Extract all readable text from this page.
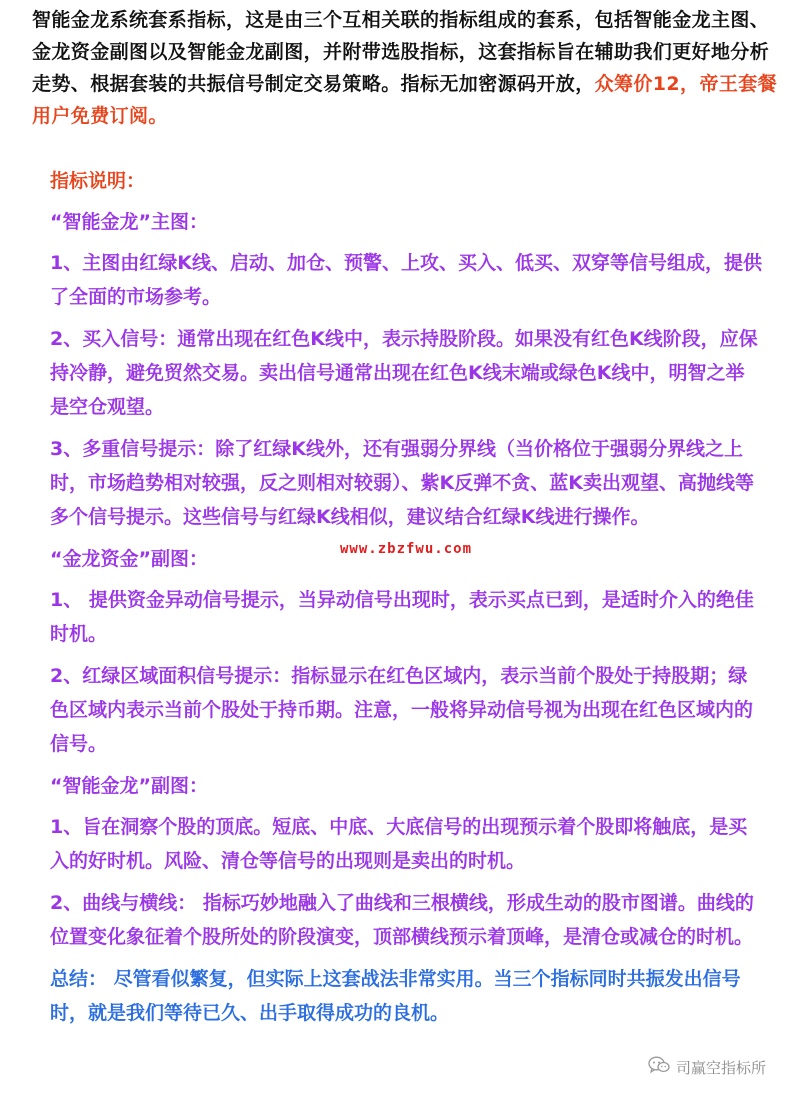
智能金龙系统套系指标，这是由三个互相关联的指标组成的套系，包括智能金龙主图、金龙资金副图以及智能金龙副图，并附带选股指标，这套指标旨在辅助我们更好地分析走势、根据套装的共振信号制定交易策略。指标无加密源码开放，众筹价12，帝王套餐用户免费订阅。

指标说明：

“智能金龙”主图：

1、主图由红绿K线、启动、加仓、预警、上攻、买入、低买、双穿等信号组成，提供了全面的市场参考。

2、买入信号：通常出现在红色K线中，表示持股阶段。如果没有红色K线阶段，应保持冷静，避免贸然交易。卖出信号通常出现在红色K线末端或绿色K线中，明智之举是空仓观望。

3、多重信号提示：除了红绿K线外，还有强弱分界线（当价格位于强弱分界线之上时，市场趋势相对较强，反之则相对较弱）、紫K反弹不贪、蓝K卖出观望、高抛线等多个信号提示。这些信号与红绿K线相似，建议结合红绿K线进行操作。

“金龙资金”副图：

1、 提供资金异动信号提示，当异动信号出现时，表示买点已到，是适时介入的绝佳时机。

2、红绿区域面积信号提示：指标显示在红色区域内，表示当前个股处于持股期；绿色区域内表示当前个股处于持币期。注意，一般将异动信号视为出现在红色区域内的信号。

“智能金龙”副图：

1、旨在洞察个股的顶底。短底、中底、大底信号的出现预示着个股即将触底，是买入的好时机。风险、清仓等信号的出现则是卖出的时机。

2、曲线与横线： 指标巧妙地融入了曲线和三根横线，形成生动的股市图谱。曲线的位置变化象征着个股所处的阶段演变，顶部横线预示着顶峰，是清仓或减仓的时机。

总结： 尽管看似繁复，但实际上这套战法非常实用。当三个指标同时共振发出信号时，就是我们等待已久、出手取得成功的良机。

www.zbzfwu.com
司赢空指标所
